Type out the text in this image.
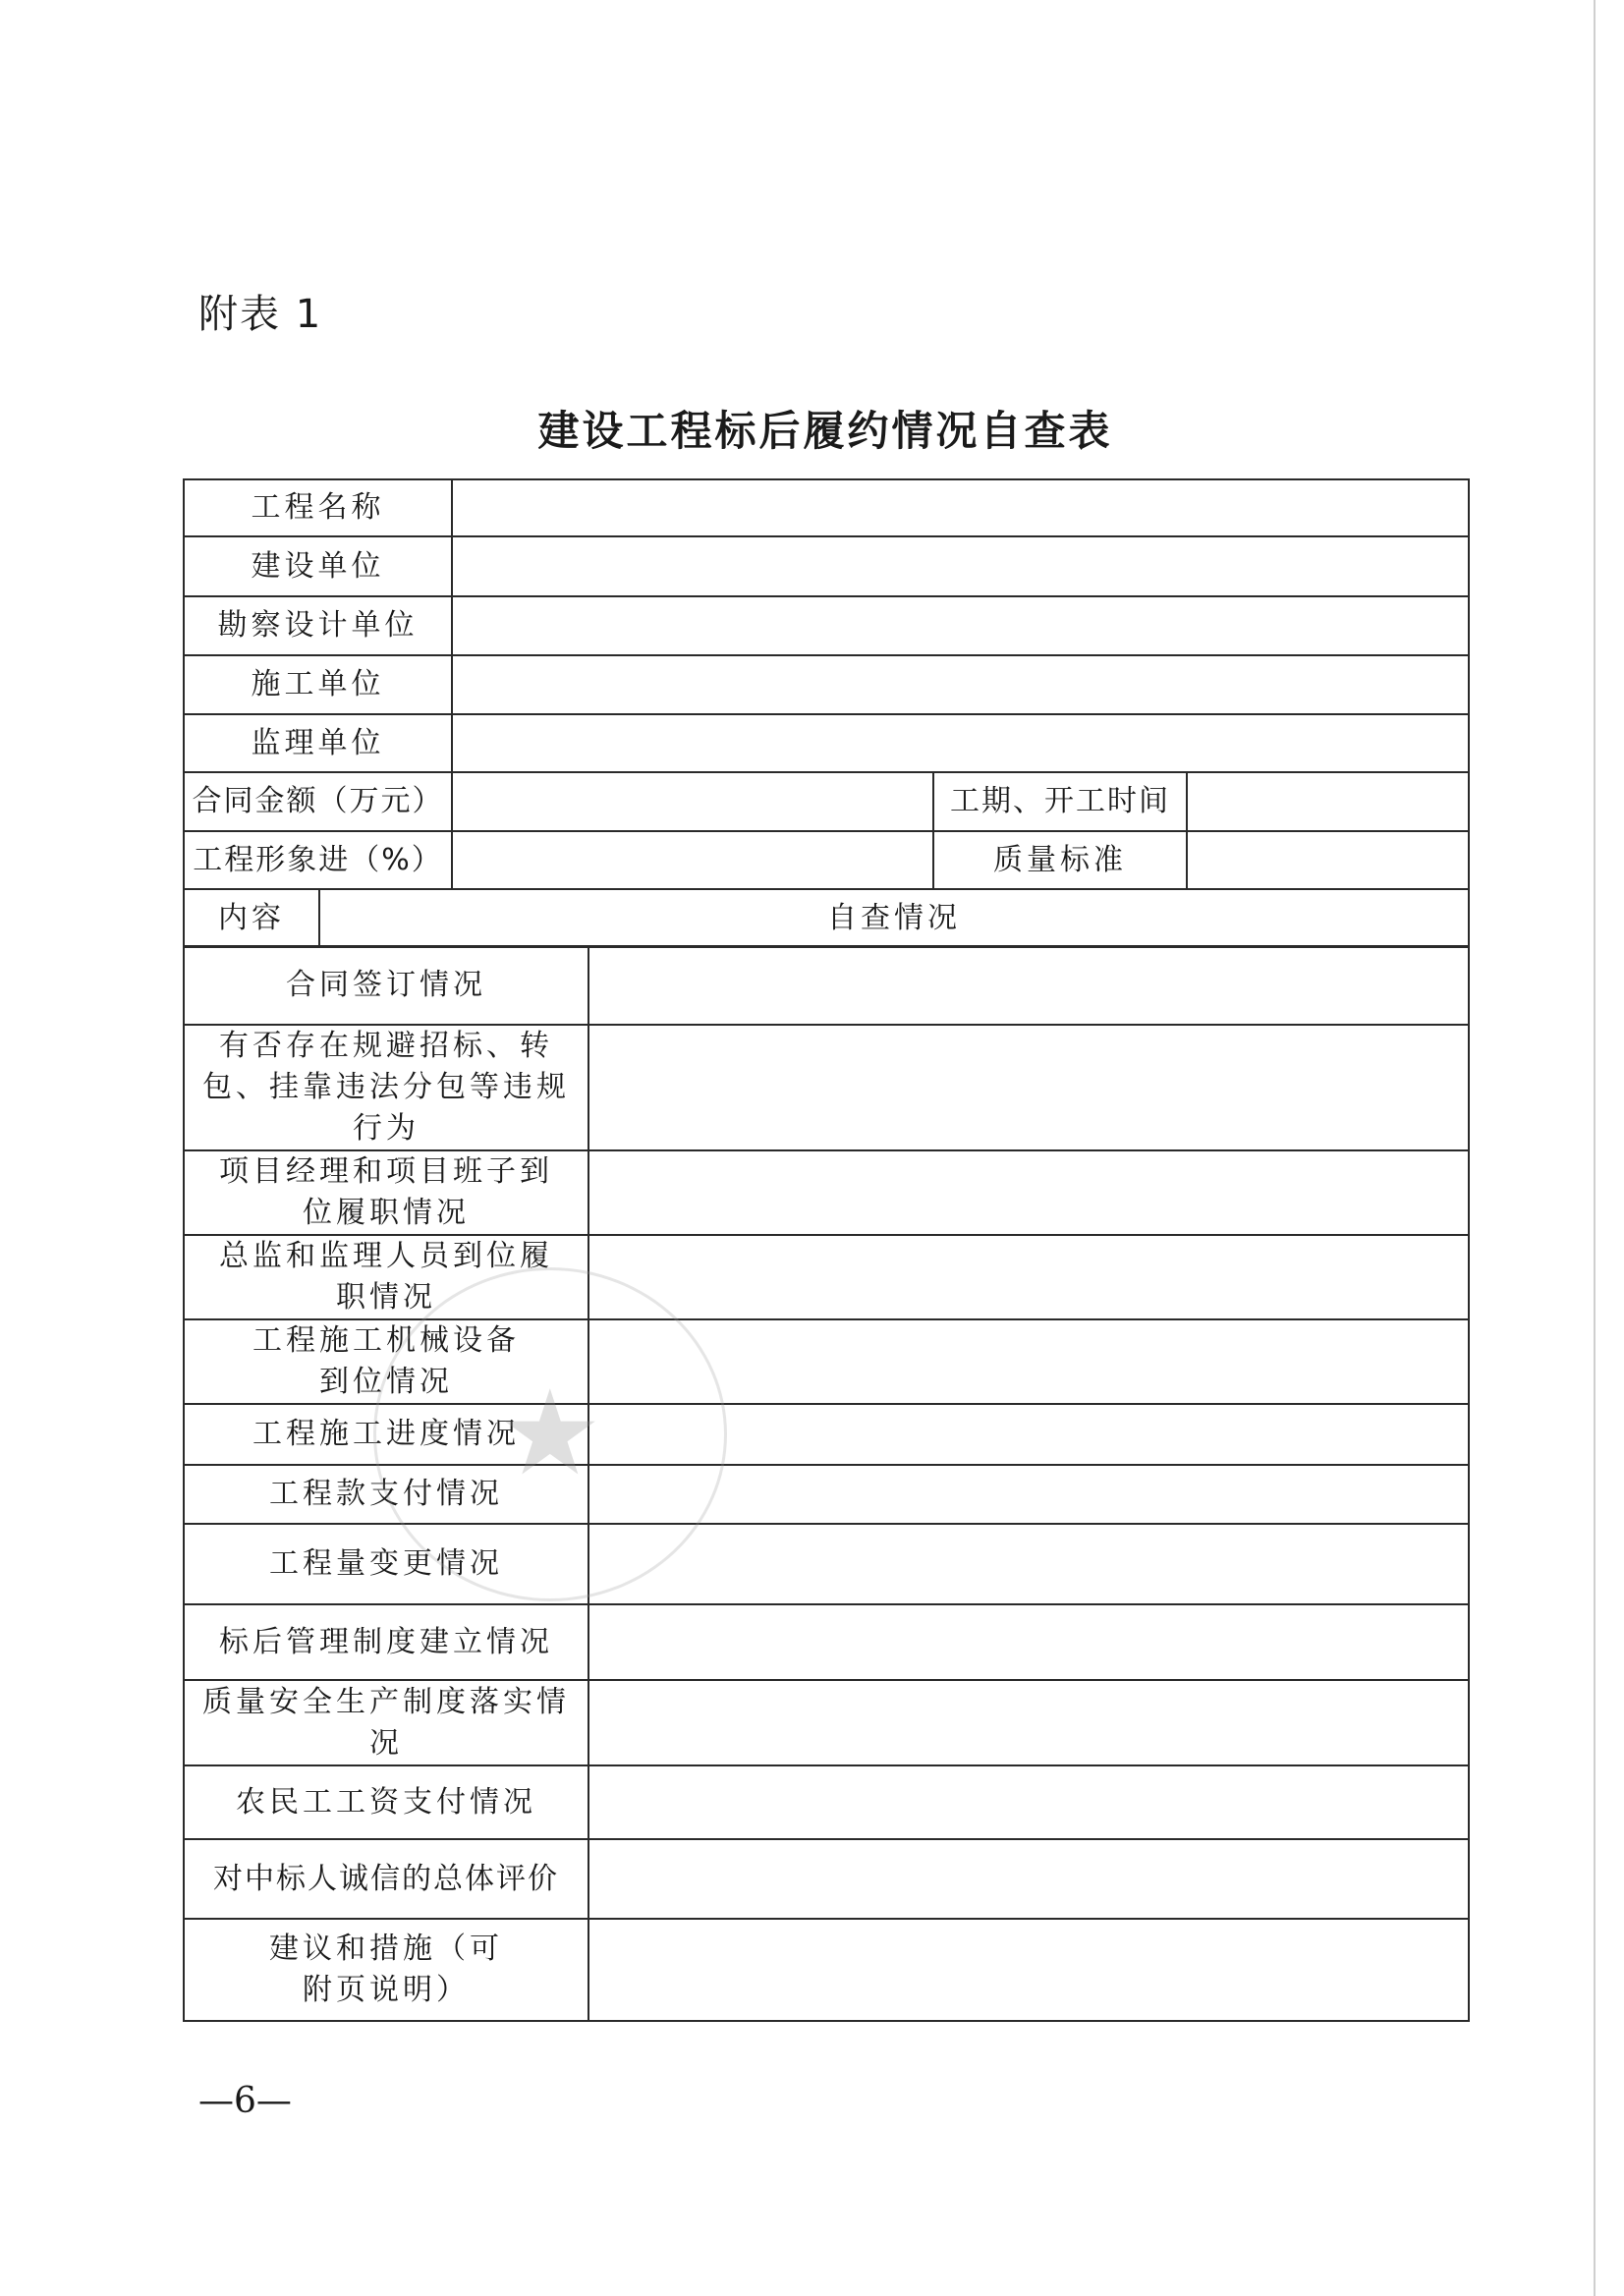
附表 1
建设工程标后履约情况自查表
工程名称				
建设单位				
勘察设计单位				
施工单位				
监理单位				
合同金额（万元）			工期、开工时间	
工程形象进（%）			质量标准	
内容	自查情况			
合同签订情况	
有否存在规避招标、转包、挂靠违法分包等违规行为	
项目经理和项目班子到位履职情况	
总监和监理人员到位履职情况	
工程施工机械设备到位情况	
工程施工进度情况	
工程款支付情况	
工程量变更情况	
标后管理制度建立情况	
质量安全生产制度落实情况	
农民工工资支付情况	
对中标人诚信的总体评价	
建议和措施（可附页说明）	
★
—6—
